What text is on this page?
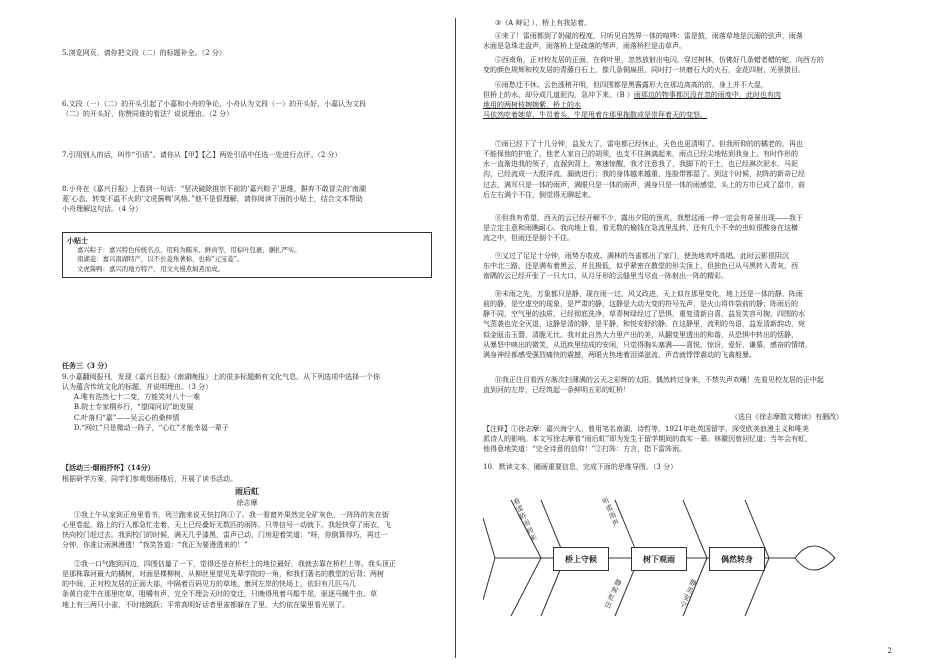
5.浏览网页，请你把文段（二）的标题补全。（2 分）

6.文段（一）（二）的开头引起了小嘉和小舟的争论，小舟认为文段（一）的开头好，小嘉认为文段

（二）的开头好，你赞同谁的看法？说说理由。（2 分）

7.引用别人的话，叫作“引语”。请你从【甲】【乙】两处引语中任选一处进行点评。（2 分）

8.小舟在《嘉兴日报》上看到一句话：“坚决破除推崇不前的‘嘉兴粽子’思维，摒弃不敢冒尖的‘南湖

菱’心态，转变不温不火的‘文虎酱鸭’风格。”他不是很理解，请你阅读下面的小贴士，结合文本帮助

小舟理解这句话。（4 分）

小贴士

嘉兴粽子：嘉兴特色传统名点，用料为糯米、鲜肉等，用棕叶包裹，捆扎严实。

南湖菱：嘉兴南湖特产，以不长菱角著称，也称“元宝菱”。

文虎酱鸭：嘉兴的地方特产，用文火慢煮焖煮而成。

任务三（3 分）

9.小嘉翻阅报刊，发现《嘉兴日报》《南湖晚报》上的很多标题颇有文化气息。从下列选项中选择一个你

认为蕴含传统文化的标题，并说明理由。（3 分）

A.唯有浩然七十二变，方能笑对八十一难

B.院士专家桐乡行，“望闻问切”助发展

C.叶落归“嘉”——吴云心的桑梓情

D.“网红”只是微动一阵子，“心红”才能幸福一辈子

【活动三·烟雨抒怀】（14分）

根据研学方案，同学们参观烟雨楼后，开展了读书活动。

雨后虹

徐志摩

①我上午从家到正房里看书，列兰跑来说天快打阵①了。我一看窗外果然完全矿灰色，一阵阵的灰在街

心里卷起，路上的行人都急忙走着，天上已经叠好无数匹的雨阵，只等信号一动就下。我赶快穿了雨衣，飞

快向校门赶过去。我到校门的时候，满天几乎漆黑，雷声已动，门房迎着笑道：“呀，你倒算得巧，再过一

分钟，你准让雨淋漫透！”我笑答道：“我正为要漫透来的！”

②我一口气跑到河边，四围估量了一下，觉得还是在桥栏上的地位最好，我就去靠在桥栏上等。我头顶正

是那株靠河最大的橘树，对面是棵柳树，从柳丝里望见先辈学院的一角，和我们著名的教堂的后背；两树

的中间，正对校友居的正面大部，中隔着百码见方的草地。康河左岸的快场上，依旧有几匹马几

条黄白花牛在那里吃草，咀嚼有声，完全不理会天时的变迁，只晚得甩着马鬃牛尾，驱逐马蝇牛虫。草

地上有三两只小雀，不时地跳跃；平常高明好话者里雀都躲在了里，大约依在粱里看光景了。

③（A 辩记 ），桥上有我站着。

④来了！雷雨都到了奶碰的程度，只听见自然界一体的喧哗：雷是鼓，雨落草地是沉溺的弦声，雨落

水面是急珠走盘声，雨落桥上是疏落的琴声，雨落桥栏是击草声。

⑤西南角，正对校友居的正面，在荷叶里，忽然放射出电闪，穿过树林，仿佛好几条蜡者蜡的蛇，向西方的

变的颜色规辉和校友居的青藤白石上，像几条铜扁担，同时打一块磨石大的火石，金花四射，光景摄目。

⑥雨愁迁不休。云色涨稍开明，但四围都是黑酱露形大在那边高高的的，身上并不大湿，

但桥上的水，却分成几道泥沟，急冲下来。（B ）雨那边的物事都沉没在忽的雨度中，此时也有肉

地用的两树枝婉婉紫，桥上的水

马依然吃着她草，牛员着头，牛尾甩着在那里拖散或是崇拜着天的变怒。

⑦雨已经下了十几分钟，益发大了，雷电都已经休止，天色也更清明了。但我所仰的的橘老的，再也

不能保他的护庇了，他老人家自己的胡须，也支不住淋漓起来，雨点已经尖地钻到我身上。有时作形的

水一直渐进我的领子，直溜到背上，寒速惊醒，我才注意我了，我脚下的干土，也已经淋次泥水，马泥

沟，已经流成一大股洋流，漏就进行；我的身体越来越重，连脸带都湿了。到这个时候，初阵的新奇已经

过去，满耳只是一体的雨声，满眼只是一体的雨声，满身只是一体的雨感觉，头上的方巾已成了湿巾，前

后左右满个不住，倒觉得无聊起来。

⑧但我有希望，西天的云已经开解不少，露出夕阳的预兆，我想这雨一停一定会有奇景出现——我于

是立定主意和雨瞧耐心。我向地上看，看无数的榆钱在急流里乱转，还有几个不幸的虫蚁很酸身在这横

流之中，但雨还是倒个不住。

⑨又过了足足十分钟，雨势方收成。满林的鸟雀都出了家门，使劲地欢呼高唱。此时云影很阴沉

东中北三路，还是满布着黑云，并且极低，似乎紧密在教堂的形尖顶上，但独色已从马黑转入青灰，西

南隅的云已经开张了一只大口，从月牙形的云缝里当尽直一阵射出一阵的精彩。

⑩末雨之先，万象都只是静，现在雨一过，风又政进，天上似在那里变化，地上还是一体的静。阵雨

前的静，是空虚空的现象，是严肃的静，这静是大动大变的符号先声，是火山将炸裂前的静；阵雨后的

静不同，空气里的浊质，已经彻底洗净，草青树绿经过了恐惧，重复清新自喜，益发笑容可掬，四围的水

气蒸袭也完全灭退，这静是清的静，是平静，和悦安舒的静。在这静里，流利的鸟语，益发清新韵动，宛

似金瓯击玉磬，清脆无比。我对此自然大力里产出的美，从翻变里透出的和谐，从恐惧中转出的恬静，

从暴怒中映出的微笑，从迅疾里结成的安闲，只觉得胸头塞满——喜悦，惊讶，爱好，谦慕，感奋的情绪，

满身神经都感受强烈痛快的震撼，两眼火热地着泪涕滋流，声音就悸悸震动的飞禽般暴。

⑪我正注目看西方渐次扫薄满的云天之彩辉的太阳，偶然转过身来，不禁失声欢嚷！先看见校友居的正中起

直到河的左岸，已经筑起一条鲜明五彩的虹桥！

（选自《徐志摩散文精读》有删改）

【注释】①徐志摩：嘉兴海宁人，曾用笔名南湖、诗哲等。1921年赴英国留学，深受欧美浪漫主义和唯美

派诗人的影响。本文写徐志摩看“雨后虹”即为发生于留学期间的真实一幕。林徽因曾回忆道：当年会有虹，

他得意地笑道：“完全诗意的信仰！”②打阵：方言，指下雷阵雨。

10．默读文本，圈画重要信息，完成下面的思维导图。（3 分）

看雷阵雨到来	听雷雨声
静候虹出	静美安宁
桥上守候	树下观雨	偶然转身
2
